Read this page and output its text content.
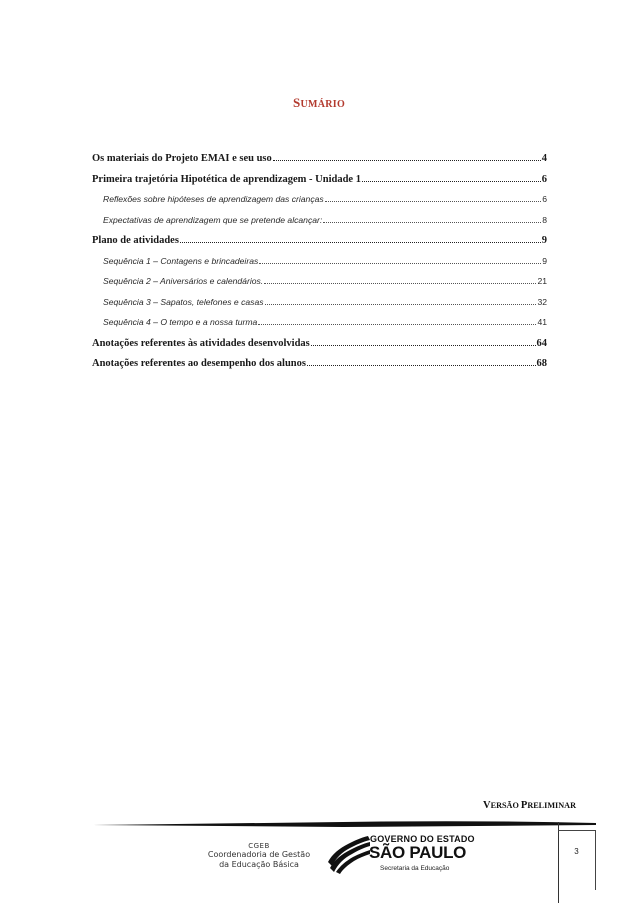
SUMÁRIO
Os materiais do Projeto EMAI e seu uso	4
Primeira trajetória Hipotética de aprendizagem - Unidade 1	6
Reflexões sobre hipóteses de aprendizagem das crianças	6
Expectativas de aprendizagem que se pretende alcançar:	8
Plano de atividades	9
Sequência 1 – Contagens e brincadeiras	9
Sequência 2 – Aniversários e calendários.	21
Sequência 3 – Sapatos, telefones e casas	32
Sequência 4 – O tempo e a nossa turma	41
Anotações referentes às atividades desenvolvidas	64
Anotações referentes ao desempenho dos alunos	68
VERSÃO PRELIMINAR
3
CGEB
Coordenadoria de Gestão
da Educação Básica
GOVERNO DO ESTADO
SÃO PAULO
Secretaria da Educação
